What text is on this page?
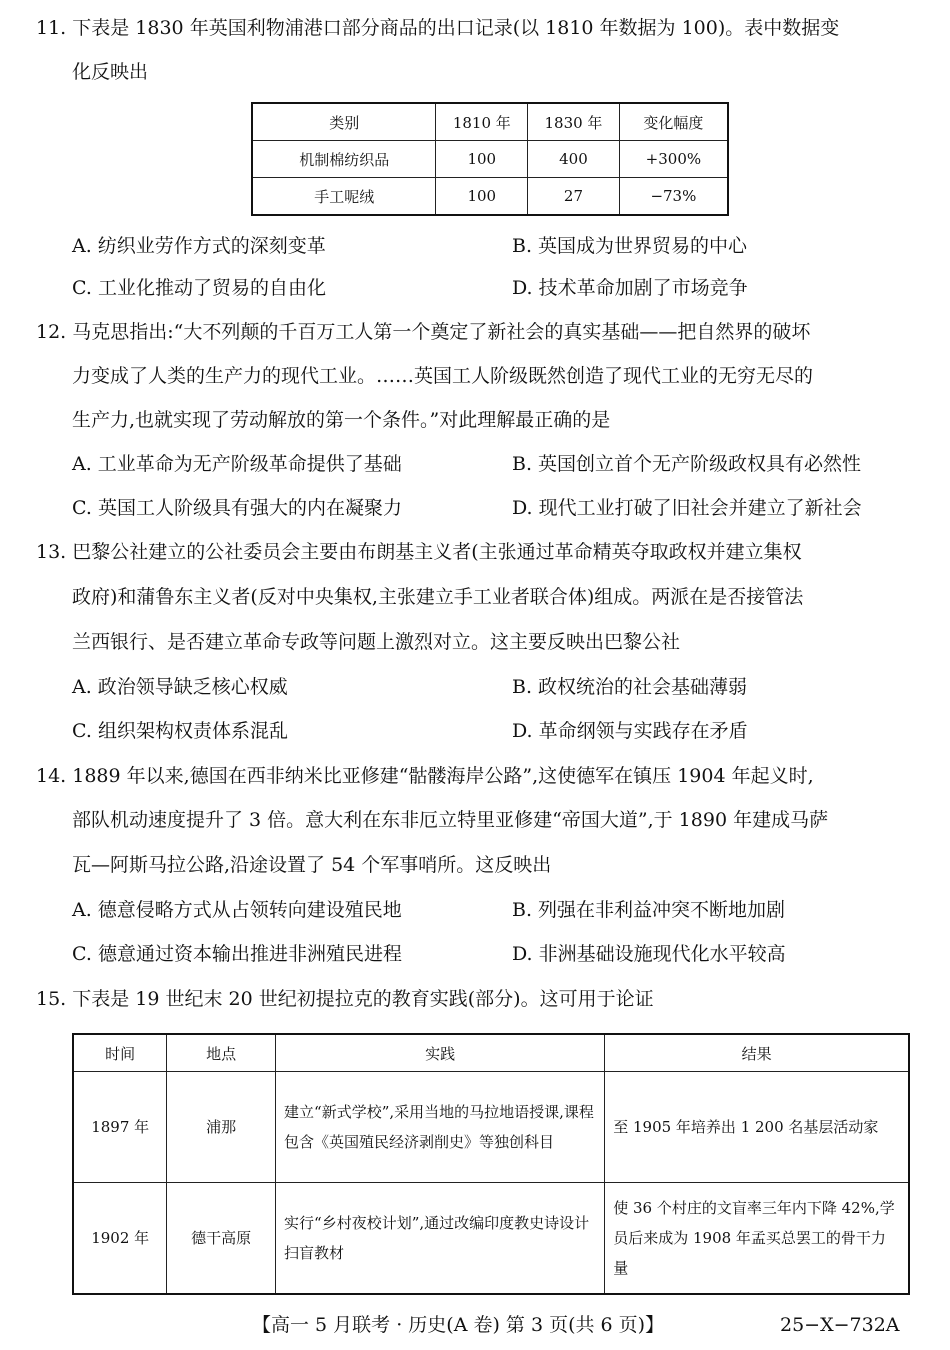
11. 下表是 1830 年英国利物浦港口部分商品的出口记录(以 1810 年数据为 100)。表中数据变
化反映出
类别	1810 年	1830 年	变化幅度
机制棉纺织品	100	400	+300%
手工呢绒	100	27	−73%
A. 纺织业劳作方式的深刻变革	B. 英国成为世界贸易的中心
C. 工业化推动了贸易的自由化	D. 技术革命加剧了市场竞争
12. 马克思指出:“大不列颠的千百万工人第一个奠定了新社会的真实基础——把自然界的破坏
力变成了人类的生产力的现代工业。……英国工人阶级既然创造了现代工业的无穷无尽的
生产力,也就实现了劳动解放的第一个条件。”对此理解最正确的是
A. 工业革命为无产阶级革命提供了基础	B. 英国创立首个无产阶级政权具有必然性
C. 英国工人阶级具有强大的内在凝聚力	D. 现代工业打破了旧社会并建立了新社会
13. 巴黎公社建立的公社委员会主要由布朗基主义者(主张通过革命精英夺取政权并建立集权
政府)和蒲鲁东主义者(反对中央集权,主张建立手工业者联合体)组成。两派在是否接管法
兰西银行、是否建立革命专政等问题上激烈对立。这主要反映出巴黎公社
A. 政治领导缺乏核心权威	B. 政权统治的社会基础薄弱
C. 组织架构权责体系混乱	D. 革命纲领与实践存在矛盾
14. 1889 年以来,德国在西非纳米比亚修建“骷髅海岸公路”,这使德军在镇压 1904 年起义时,
部队机动速度提升了 3 倍。意大利在东非厄立特里亚修建“帝国大道”,于 1890 年建成马萨
瓦—阿斯马拉公路,沿途设置了 54 个军事哨所。这反映出
A. 德意侵略方式从占领转向建设殖民地	B. 列强在非利益冲突不断地加剧
C. 德意通过资本输出推进非洲殖民进程	D. 非洲基础设施现代化水平较高
15. 下表是 19 世纪末 20 世纪初提拉克的教育实践(部分)。这可用于论证
时间	地点	实践	结果
1897 年	浦那	建立“新式学校”,采用当地的马拉地语授课,课程包含《英国殖民经济剥削史》等独创科目	至 1905 年培养出 1 200 名基层活动家
1902 年	德干高原	实行“乡村夜校计划”,通过改编印度教史诗设计扫盲教材	使 36 个村庄的文盲率三年内下降 42%,学员后来成为 1908 年孟买总罢工的骨干力量
【高一 5 月联考 · 历史(A 卷) 第 3 页(共 6 页)】	25−X−732A
